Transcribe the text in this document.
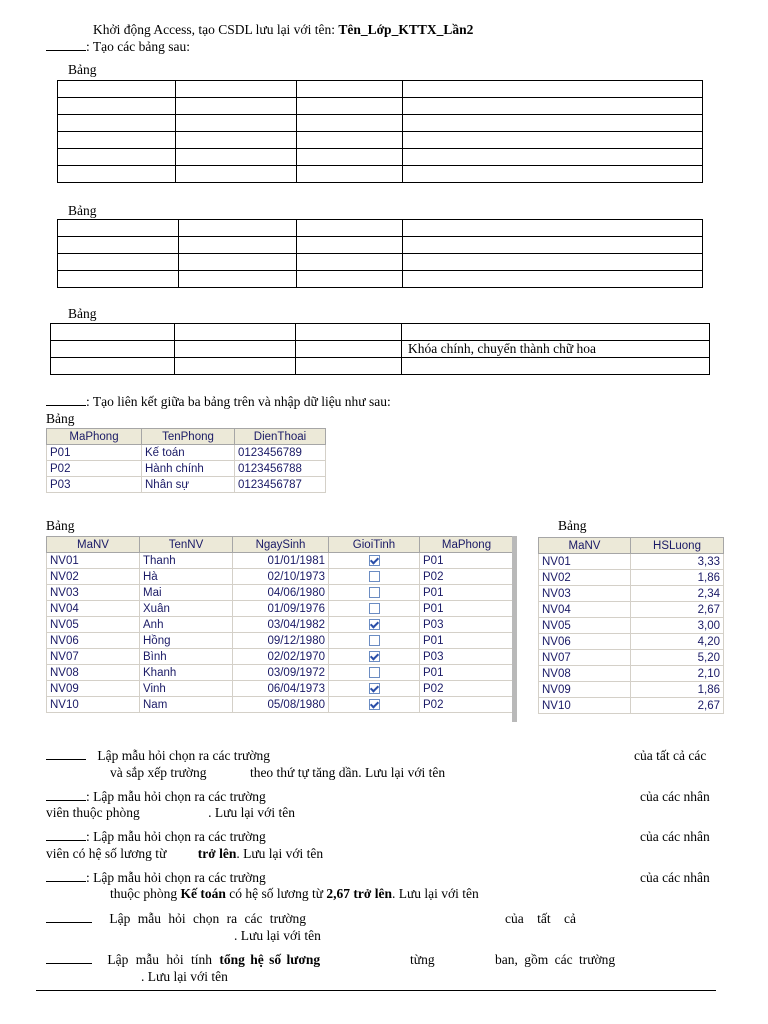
Khởi động Access, tạo CSDL lưu lại với tên: Tên_Lớp_KTTX_Lần2
: Tạo các bảng sau:
Bảng

Bảng

Bảng

			Khóa chính, chuyển thành chữ hoa

: Tạo liên kết giữa ba bảng trên và nhập dữ liệu như sau:
Bảng
MaPhong	TenPhong	DienThoai
P01	Kế toán	0123456789
P02	Hành chính	0123456788
P03	Nhân sự	0123456787
Bảng
MaNV	TenNV	NgaySinh	GioiTinh	MaPhong
NV01	Thanh	01/01/1981		P01
NV02	Hà	02/10/1973		P02
NV03	Mai	04/06/1980		P01
NV04	Xuân	01/09/1976		P01
NV05	Anh	03/04/1982		P03
NV06	Hồng	09/12/1980		P01
NV07	Bình	02/02/1970		P03
NV08	Khanh	03/09/1972		P01
NV09	Vinh	06/04/1973		P02
NV10	Nam	05/08/1980		P02
Bảng
MaNV	HSLuong
NV01	3,33
NV02	1,86
NV03	2,34
NV04	2,67
NV05	3,00
NV06	4,20
NV07	5,20
NV08	2,10
NV09	1,86
NV10	2,67
Lập mẫu hỏi chọn ra các trường	của tất cả các
và sắp xếp trường	theo thứ tự tăng dần. Lưu lại với tên
: Lập mẫu hỏi chọn ra các trường	của các nhân
viên thuộc phòng	. Lưu lại với tên
: Lập mẫu hỏi chọn ra các trường	của các nhân
viên có hệ số lương từ trở lên. Lưu lại với tên
: Lập mẫu hỏi chọn ra các trường	của các nhân
thuộc phòng Kế toán có hệ số lương từ 2,67 trở lên. Lưu lại với tên
Lập mẫu hỏi chọn ra các trường	của tất cả
. Lưu lại với tên
Lập mẫu hỏi tính tổng hệ số lương	từng	ban, gồm các trường
. Lưu lại với tên
